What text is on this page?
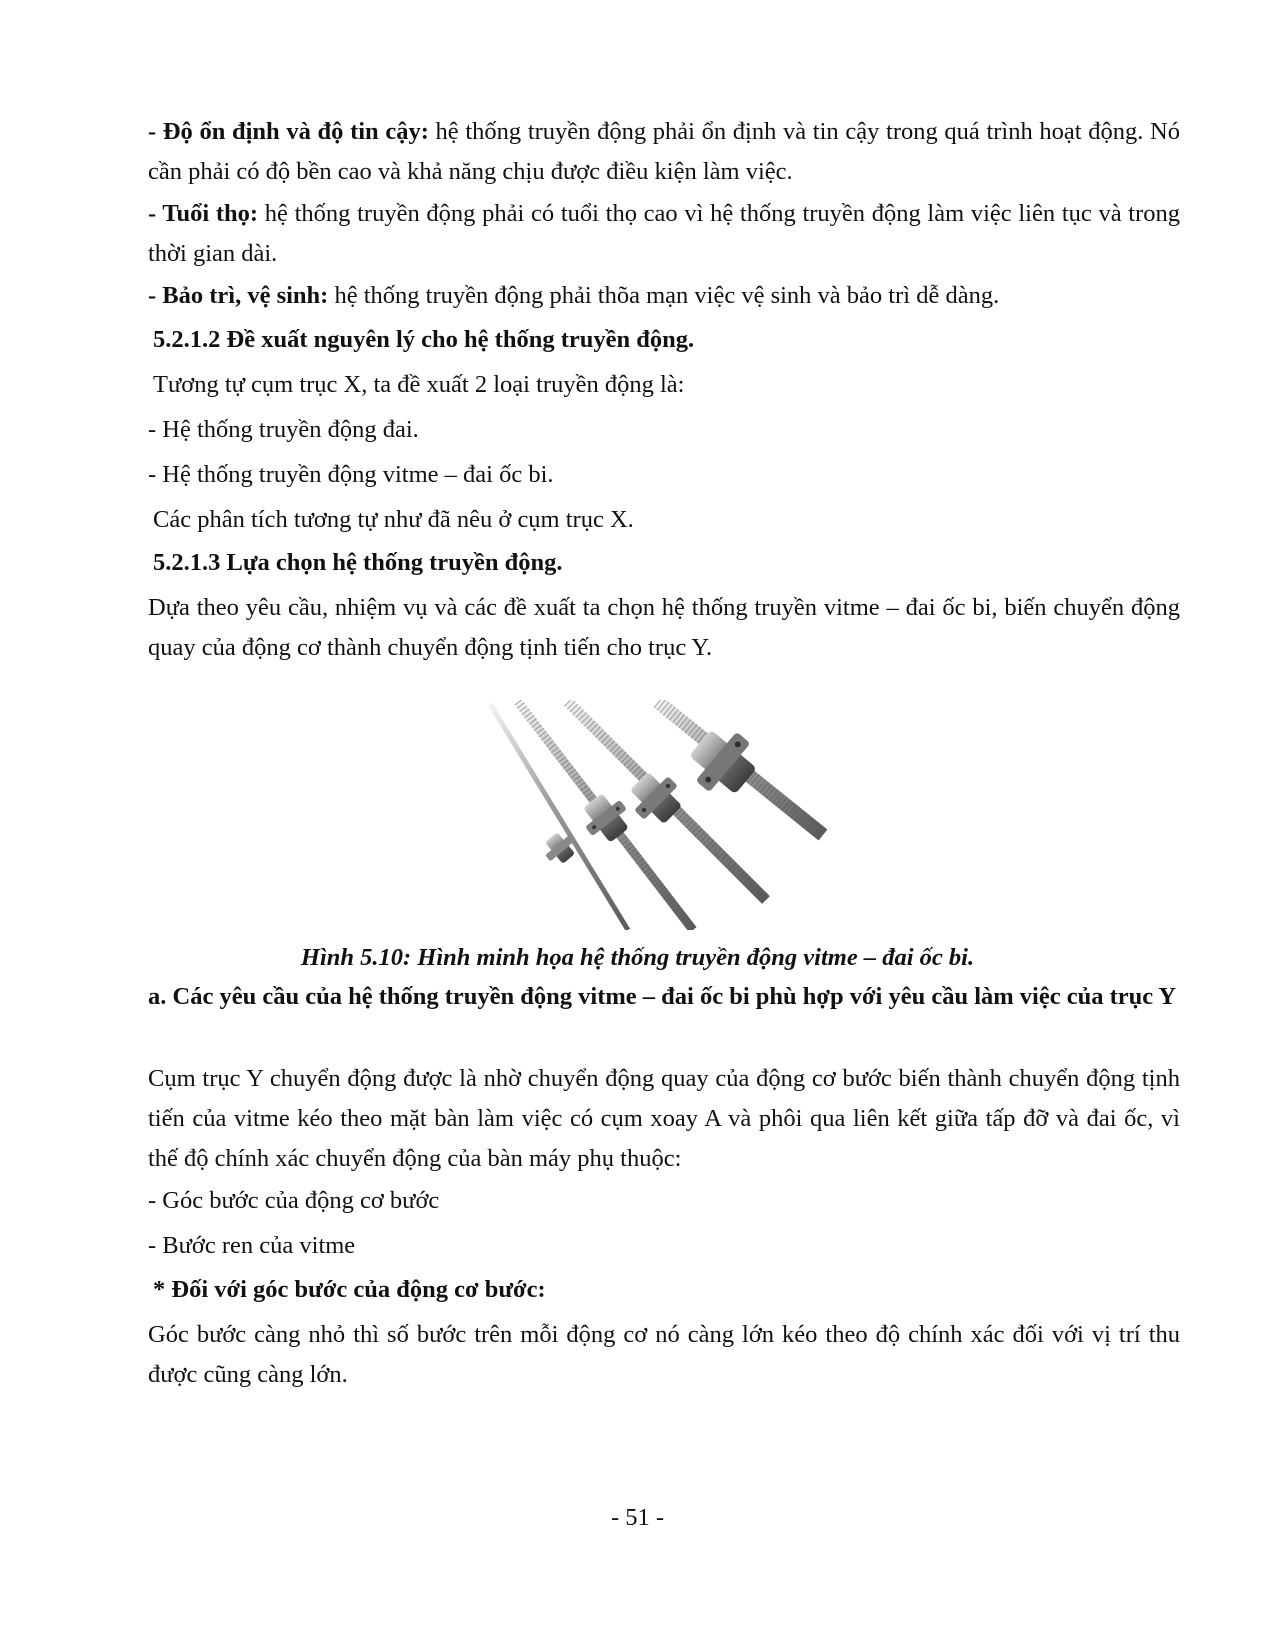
- Độ ổn định và độ tin cậy: hệ thống truyền động phải ổn định và tin cậy trong quá trình hoạt động. Nó cần phải có độ bền cao và khả năng chịu được điều kiện làm việc.

- Tuổi thọ: hệ thống truyền động phải có tuổi thọ cao vì hệ thống truyền động làm việc liên tục và trong thời gian dài.

- Bảo trì, vệ sinh: hệ thống truyền động phải thõa mạn việc vệ sinh và bảo trì dễ dàng.

5.2.1.2 Đề xuất nguyên lý cho hệ thống truyền động.

Tương tự cụm trục X, ta đề xuất 2 loại truyền động là:

- Hệ thống truyền động đai.

- Hệ thống truyền động vitme – đai ốc bi.

Các phân tích tương tự như đã nêu ở cụm trục X.

5.2.1.3 Lựa chọn hệ thống truyền động.

Dựa theo yêu cầu, nhiệm vụ và các đề xuất ta chọn hệ thống truyền vitme – đai ốc bi, biến chuyển động quay của động cơ thành chuyển động tịnh tiến cho trục Y.

Hình 5.10: Hình minh họa hệ thống truyền động vitme – đai ốc bi.

a. Các yêu cầu của hệ thống truyền động vitme – đai ốc bi phù hợp với yêu cầu làm việc của trục Y

Cụm trục Y chuyển động được là nhờ chuyển động quay của động cơ bước biến thành chuyển động tịnh tiến của vitme kéo theo mặt bàn làm việc có cụm xoay A và phôi qua liên kết giữa tấp đỡ và đai ốc, vì thế độ chính xác chuyển động của bàn máy phụ thuộc:

- Góc bước của động cơ bước

- Bước ren của vitme

* Đối với góc bước của động cơ bước:

Góc bước càng nhỏ thì số bước trên mỗi động cơ nó càng lớn kéo theo độ chính xác đối với vị trí thu được cũng càng lớn.

- 51 -
